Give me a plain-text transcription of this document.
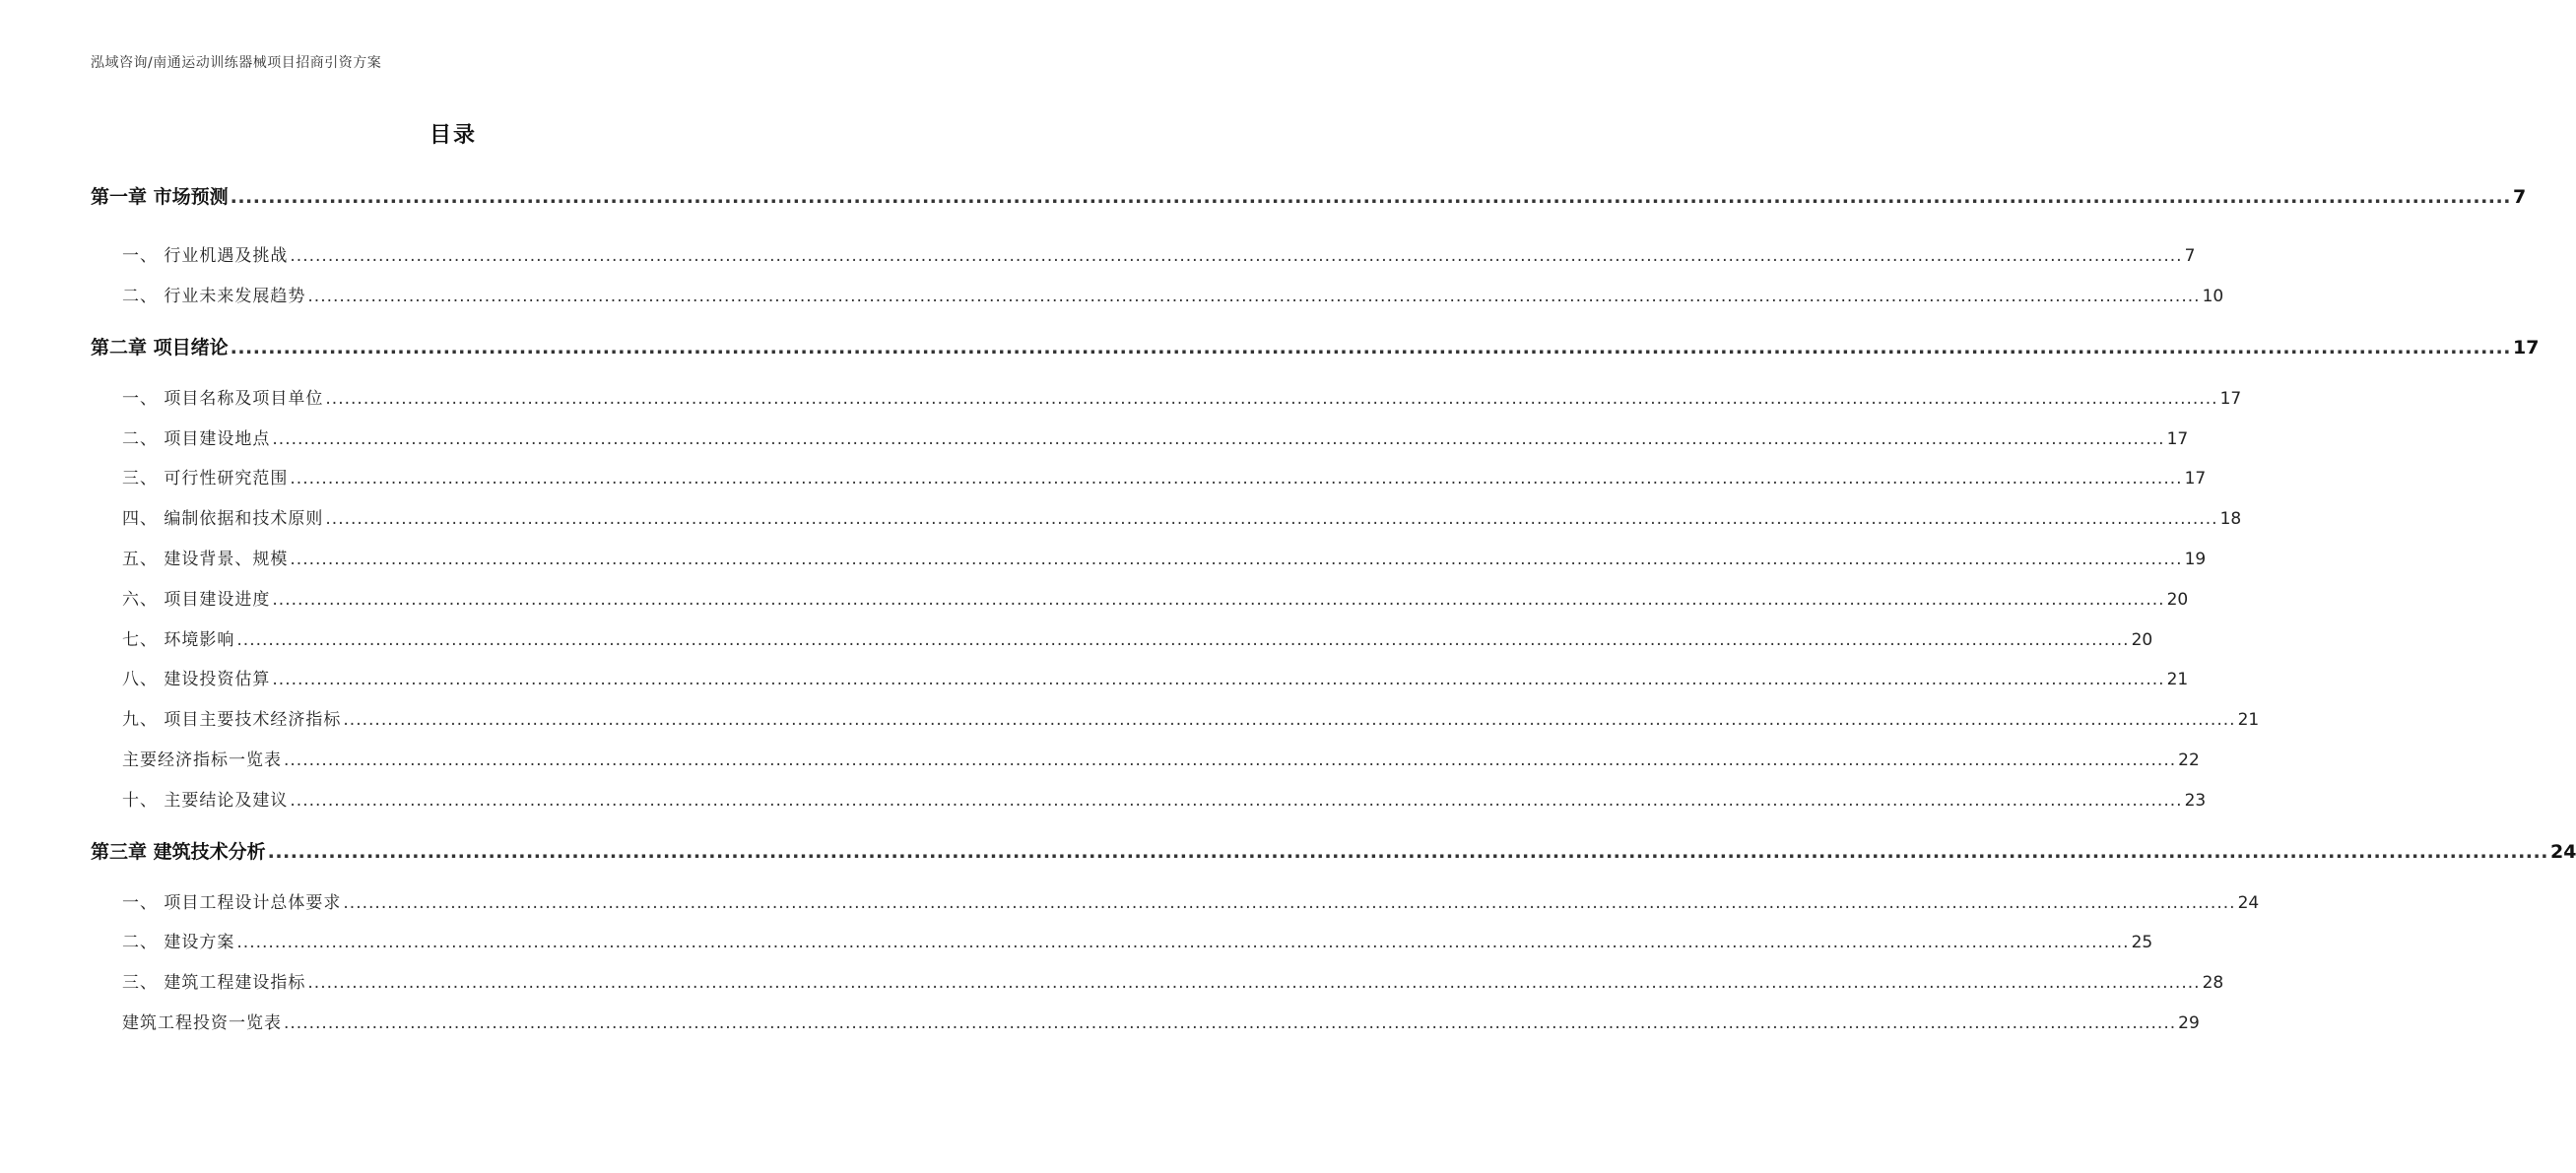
泓域咨询/南通运动训练器械项目招商引资方案
目录
第一章 市场预测 ............................................................................................................................................................................................................................................................................................................ 7
一、 行业机遇及挑战 ............................................................................................................................................................................................................................................................................................................ 7
二、 行业未来发展趋势 ............................................................................................................................................................................................................................................................................................................ 10
第二章 项目绪论 ............................................................................................................................................................................................................................................................................................................ 17
一、 项目名称及项目单位 ............................................................................................................................................................................................................................................................................................................ 17
二、 项目建设地点 ............................................................................................................................................................................................................................................................................................................ 17
三、 可行性研究范围 ............................................................................................................................................................................................................................................................................................................ 17
四、 编制依据和技术原则 ............................................................................................................................................................................................................................................................................................................ 18
五、 建设背景、规模 ............................................................................................................................................................................................................................................................................................................ 19
六、 项目建设进度 ............................................................................................................................................................................................................................................................................................................ 20
七、 环境影响 ............................................................................................................................................................................................................................................................................................................ 20
八、 建设投资估算 ............................................................................................................................................................................................................................................................................................................ 21
九、 项目主要技术经济指标 ............................................................................................................................................................................................................................................................................................................ 21
主要经济指标一览表 ............................................................................................................................................................................................................................................................................................................ 22
十、 主要结论及建议 ............................................................................................................................................................................................................................................................................................................ 23
第三章 建筑技术分析 ............................................................................................................................................................................................................................................................................................................ 24
一、 项目工程设计总体要求 ............................................................................................................................................................................................................................................................................................................ 24
二、 建设方案 ............................................................................................................................................................................................................................................................................................................ 25
三、 建筑工程建设指标 ............................................................................................................................................................................................................................................................................................................ 28
建筑工程投资一览表 ............................................................................................................................................................................................................................................................................................................ 29
